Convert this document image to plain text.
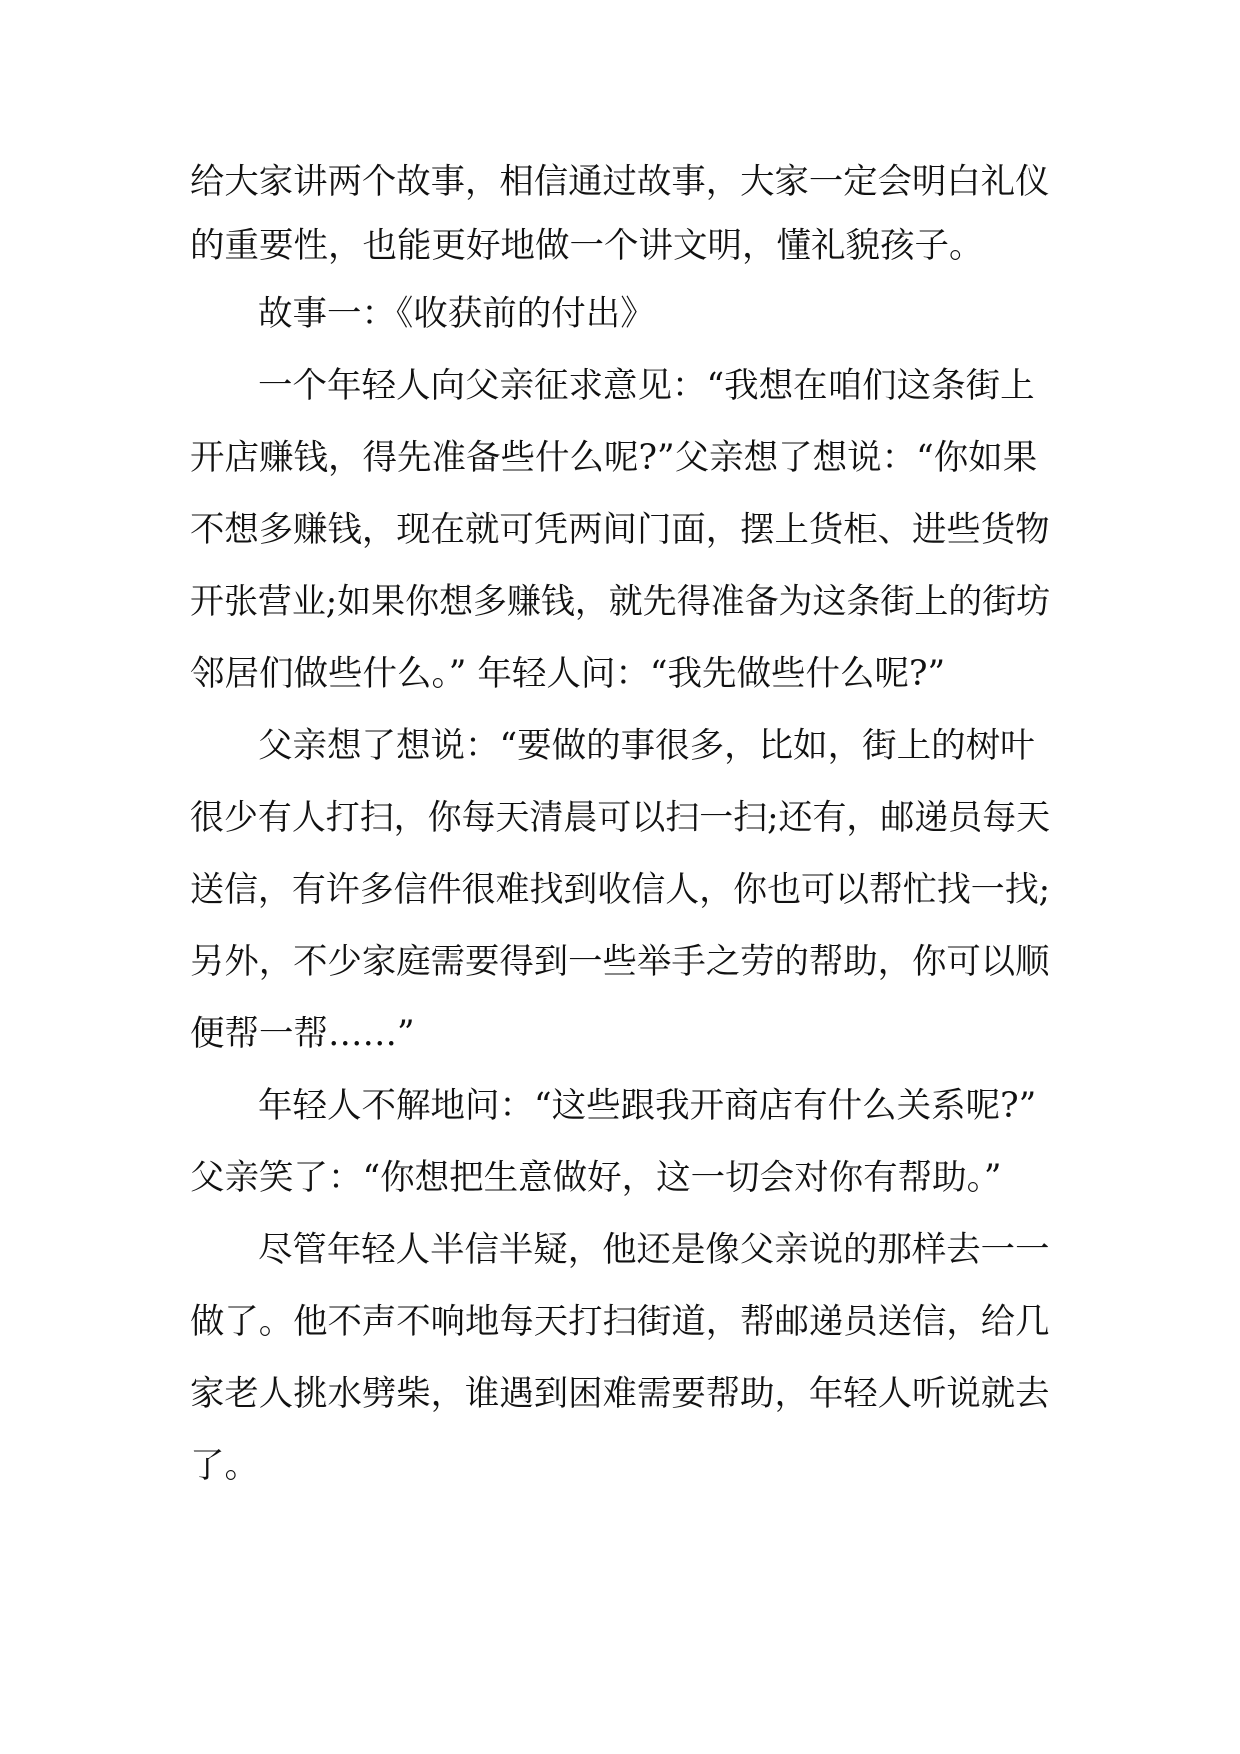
给大家讲两个故事，相信通过故事，大家一定会明白礼仪
的重要性，也能更好地做一个讲文明，懂礼貌孩子。
故事一：《收获前的付出》
一个年轻人向父亲征求意见：“我想在咱们这条街上
开店赚钱，得先准备些什么呢?”父亲想了想说：“你如果
不想多赚钱，现在就可凭两间门面，摆上货柜、进些货物
开张营业;如果你想多赚钱，就先得准备为这条街上的街坊
邻居们做些什么。” 年轻人问：“我先做些什么呢?”
父亲想了想说：“要做的事很多，比如，街上的树叶
很少有人打扫，你每天清晨可以扫一扫;还有，邮递员每天
送信，有许多信件很难找到收信人，你也可以帮忙找一找;
另外，不少家庭需要得到一些举手之劳的帮助，你可以顺
便帮一帮……”
年轻人不解地问：“这些跟我开商店有什么关系呢?”
父亲笑了：“你想把生意做好，这一切会对你有帮助。”
尽管年轻人半信半疑，他还是像父亲说的那样去一一
做了。他不声不响地每天打扫街道，帮邮递员送信，给几
家老人挑水劈柴，谁遇到困难需要帮助，年轻人听说就去
了。
